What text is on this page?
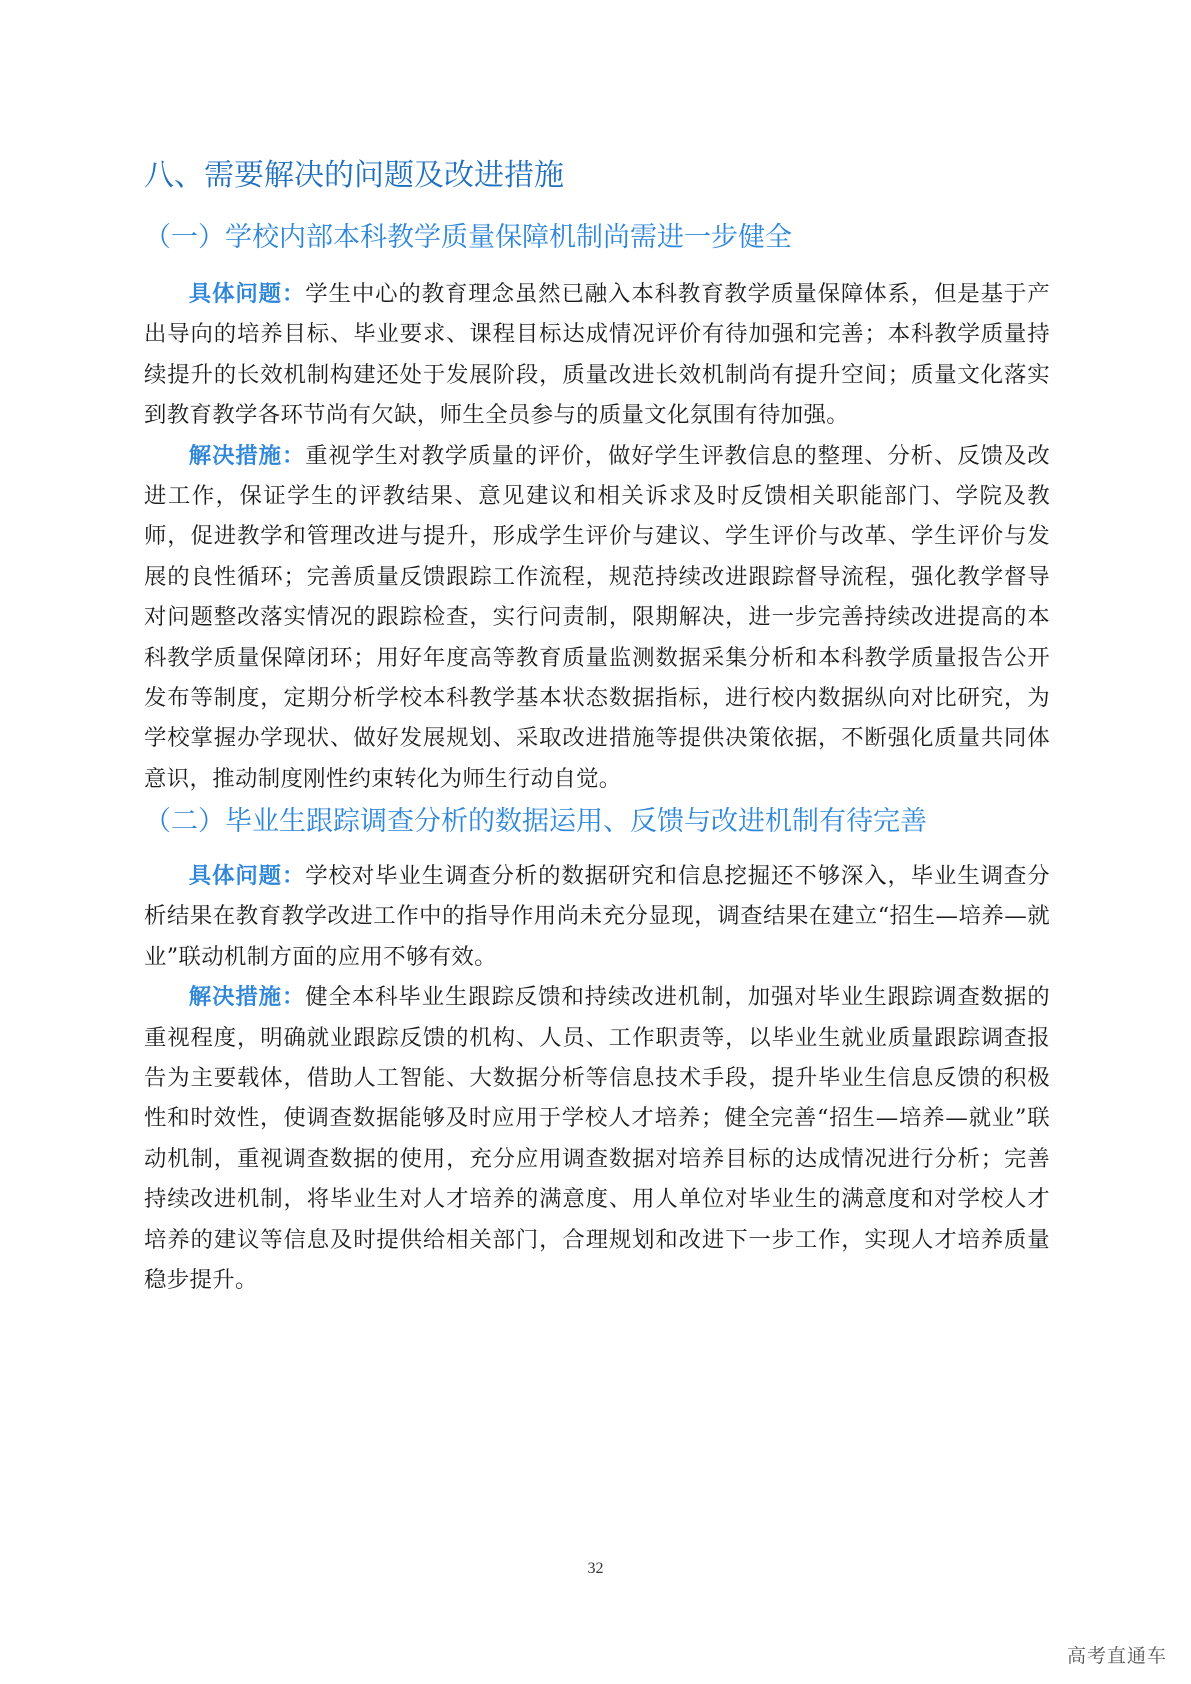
八、需要解决的问题及改进措施
（一）学校内部本科教学质量保障机制尚需进一步健全

具体问题：学生中心的教育理念虽然已融入本科教育教学质量保障体系，但是基于产出导向的培养目标、毕业要求、课程目标达成情况评价有待加强和完善；本科教学质量持续提升的长效机制构建还处于发展阶段，质量改进长效机制尚有提升空间；质量文化落实到教育教学各环节尚有欠缺，师生全员参与的质量文化氛围有待加强。

解决措施：重视学生对教学质量的评价，做好学生评教信息的整理、分析、反馈及改进工作，保证学生的评教结果、意见建议和相关诉求及时反馈相关职能部门、学院及教师，促进教学和管理改进与提升，形成学生评价与建议、学生评价与改革、学生评价与发展的良性循环；完善质量反馈跟踪工作流程，规范持续改进跟踪督导流程，强化教学督导对问题整改落实情况的跟踪检查，实行问责制，限期解决，进一步完善持续改进提高的本科教学质量保障闭环；用好年度高等教育质量监测数据采集分析和本科教学质量报告公开发布等制度，定期分析学校本科教学基本状态数据指标，进行校内数据纵向对比研究，为学校掌握办学现状、做好发展规划、采取改进措施等提供决策依据，不断强化质量共同体意识，推动制度刚性约束转化为师生行动自觉。

（二）毕业生跟踪调查分析的数据运用、反馈与改进机制有待完善

具体问题：学校对毕业生调查分析的数据研究和信息挖掘还不够深入，毕业生调查分析结果在教育教学改进工作中的指导作用尚未充分显现，调查结果在建立“招生—培养—就业”联动机制方面的应用不够有效。

解决措施：健全本科毕业生跟踪反馈和持续改进机制，加强对毕业生跟踪调查数据的重视程度，明确就业跟踪反馈的机构、人员、工作职责等，以毕业生就业质量跟踪调查报告为主要载体，借助人工智能、大数据分析等信息技术手段，提升毕业生信息反馈的积极性和时效性，使调查数据能够及时应用于学校人才培养；健全完善“招生—培养—就业”联动机制，重视调查数据的使用，充分应用调查数据对培养目标的达成情况进行分析；完善持续改进机制，将毕业生对人才培养的满意度、用人单位对毕业生的满意度和对学校人才培养的建议等信息及时提供给相关部门，合理规划和改进下一步工作，实现人才培养质量稳步提升。

32
高考直通车
